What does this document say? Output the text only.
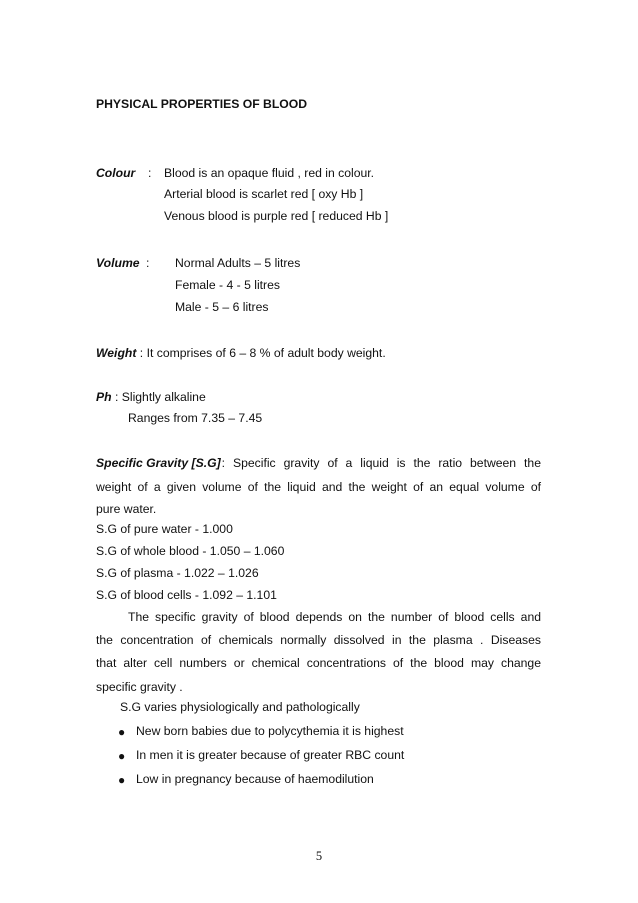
PHYSICAL PROPERTIES OF BLOOD
Colour : Blood is an opaque fluid , red in colour.
Arterial blood is scarlet red [ oxy Hb ]
Venous blood is purple red [ reduced Hb ]
Volume : Normal Adults – 5 litres
Female - 4 - 5 litres
Male - 5 – 6 litres
Weight : It comprises of 6 – 8 % of adult body weight.
Ph : Slightly alkaline
Ranges from 7.35 – 7.45
Specific Gravity [S.G] : Specific gravity of a liquid is the ratio between the
weight of a given volume of the liquid and the weight of an equal volume of
pure water.
S.G of pure water - 1.000
S.G of whole blood - 1.050 – 1.060
S.G of plasma - 1.022 – 1.026
S.G of blood cells - 1.092 – 1.101
The specific gravity of blood depends on the number of blood cells and
the concentration of chemicals normally dissolved in the plasma . Diseases
that alter cell numbers or chemical concentrations of the blood may change
specific gravity .
S.G varies physiologically and pathologically
● New born babies due to polycythemia it is highest
● In men it is greater because of greater RBC count
● Low in pregnancy because of haemodilution
5
